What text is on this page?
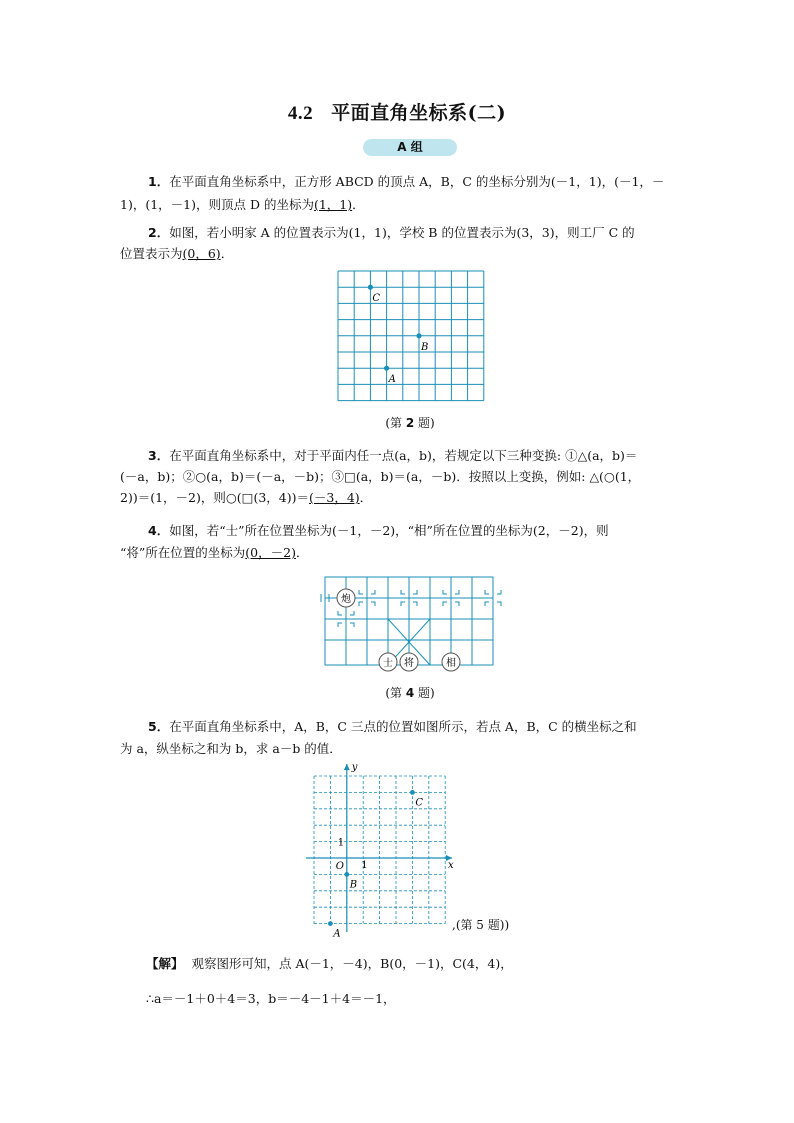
4.2 平面直角坐标系(二)
A 组

1．在平面直角坐标系中，正方形 ABCD 的顶点 A，B，C 的坐标分别为(－1，1)，(－1，－

1)，(1，－1)，则顶点 D 的坐标为(1，1)．

2．如图，若小明家 A 的位置表示为(1，1)，学校 B 的位置表示为(3，3)，则工厂 C 的

位置表示为(0，6)．

C
B
A
(第 2 题)

3．在平面直角坐标系中，对于平面内任一点(a，b)，若规定以下三种变换: ①△(a，b)＝

(－a，b)；②○(a，b)＝(－a，－b)；③□(a，b)＝(a，－b)．按照以上变换，例如: △(○(1，

2))＝(1，－2)，则○(□(3，4))＝(－3，4)．

4．如图，若“士”所在位置坐标为(－1，－2)，“相”所在位置的坐标为(2，－2)，则

“将”所在位置的坐标为(0，－2)．

炮
士 将	相
(第 4 题)

5．在平面直角坐标系中，A，B，C 三点的位置如图所示，若点 A，B，C 的横坐标之和

为 a，纵坐标之和为 b，求 a－b 的值．

x
y
O 1
1
A
B
C
,(第 5 题))

【解】 观察图形可知，点 A(－1，－4)，B(0，－1)，C(4，4)，

∴a＝－1＋0＋4＝3，b＝－4－1＋4＝－1，
